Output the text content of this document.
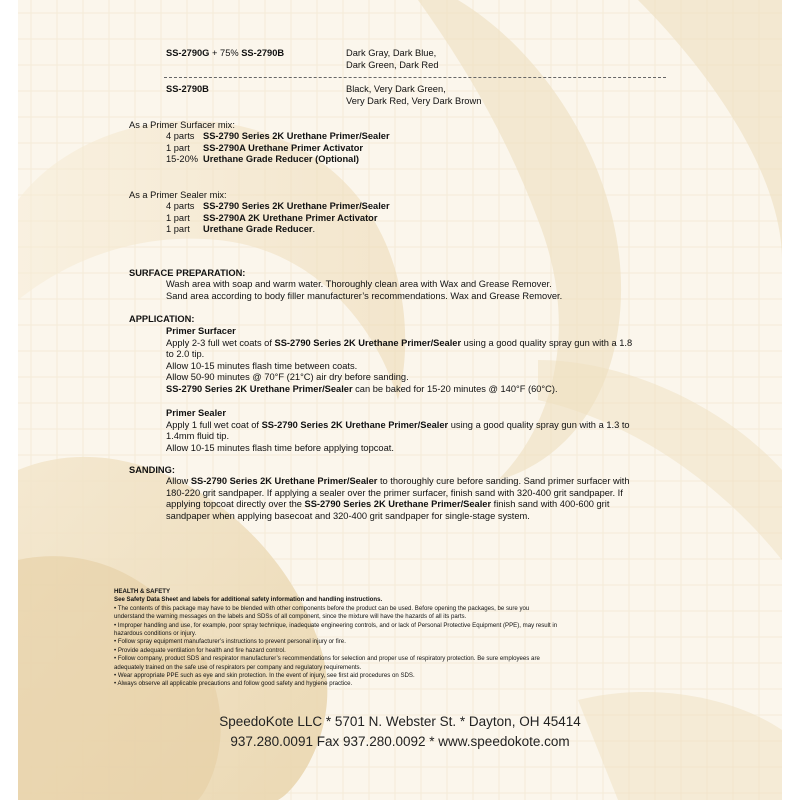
SS-2790G + 75% SS-2790B	Dark Gray, Dark Blue,
Dark Green, Dark Red
SS-2790B	Black, Very Dark Green,
Very Dark Red, Very Dark Brown
As a Primer Surfacer mix:
4 parts SS-2790 Series 2K Urethane Primer/Sealer
1 part SS-2790A Urethane Primer Activator
15-20% Urethane Grade Reducer (Optional)
As a Primer Sealer mix:
4 parts SS-2790 Series 2K Urethane Primer/Sealer
1 part SS-2790A 2K Urethane Primer Activator
1 part Urethane Grade Reducer.
SURFACE PREPARATION:
Wash area with soap and warm water. Thoroughly clean area with Wax and Grease Remover.
Sand area according to body filler manufacturer’s recommendations. Wax and Grease Remover.
APPLICATION:
Primer Surfacer
Apply 2-3 full wet coats of SS-2790 Series 2K Urethane Primer/Sealer using a good quality spray gun with a 1.8
to 2.0 tip.
Allow 10-15 minutes flash time between coats.
Allow 50-90 minutes @ 70°F (21°C) air dry before sanding.
SS-2790 Series 2K Urethane Primer/Sealer can be baked for 15-20 minutes @ 140°F (60°C).
Primer Sealer
Apply 1 full wet coat of SS-2790 Series 2K Urethane Primer/Sealer using a good quality spray gun with a 1.3 to
1.4mm fluid tip.
Allow 10-15 minutes flash time before applying topcoat.
SANDING:
Allow SS-2790 Series 2K Urethane Primer/Sealer to thoroughly cure before sanding. Sand primer surfacer with
180-220 grit sandpaper. If applying a sealer over the primer surfacer, finish sand with 320-400 grit sandpaper. If
applying topcoat directly over the SS-2790 Series 2K Urethane Primer/Sealer finish sand with 400-600 grit
sandpaper when applying basecoat and 320-400 grit sandpaper for single-stage system.
HEALTH & SAFETY
See Safety Data Sheet and labels for additional safety information and handling instructions.
• The contents of this package may have to be blended with other components before the product can be used. Before opening the packages, be sure you
understand the warning messages on the labels and SDSs of all component, since the mixture will have the hazards of all its parts.
• Improper handling and use, for example, poor spray technique, inadequate engineering controls, and or lack of Personal Protective Equipment (PPE), may result in
hazardous conditions or injury.
• Follow spray equipment manufacturer’s instructions to prevent personal injury or fire.
• Provide adequate ventilation for health and fire hazard control.
• Follow company, product SDS and respirator manufacturer’s recommendations for selection and proper use of respiratory protection. Be sure employees are
adequately trained on the safe use of respirators per company and regulatory requirements.
• Wear appropriate PPE such as eye and skin protection. In the event of injury, see first aid procedures on SDS.
• Always observe all applicable precautions and follow good safety and hygiene practice.
SpeedoKote LLC * 5701 N. Webster St. * Dayton, OH 45414
937.280.0091 Fax 937.280.0092 * www.speedokote.com
